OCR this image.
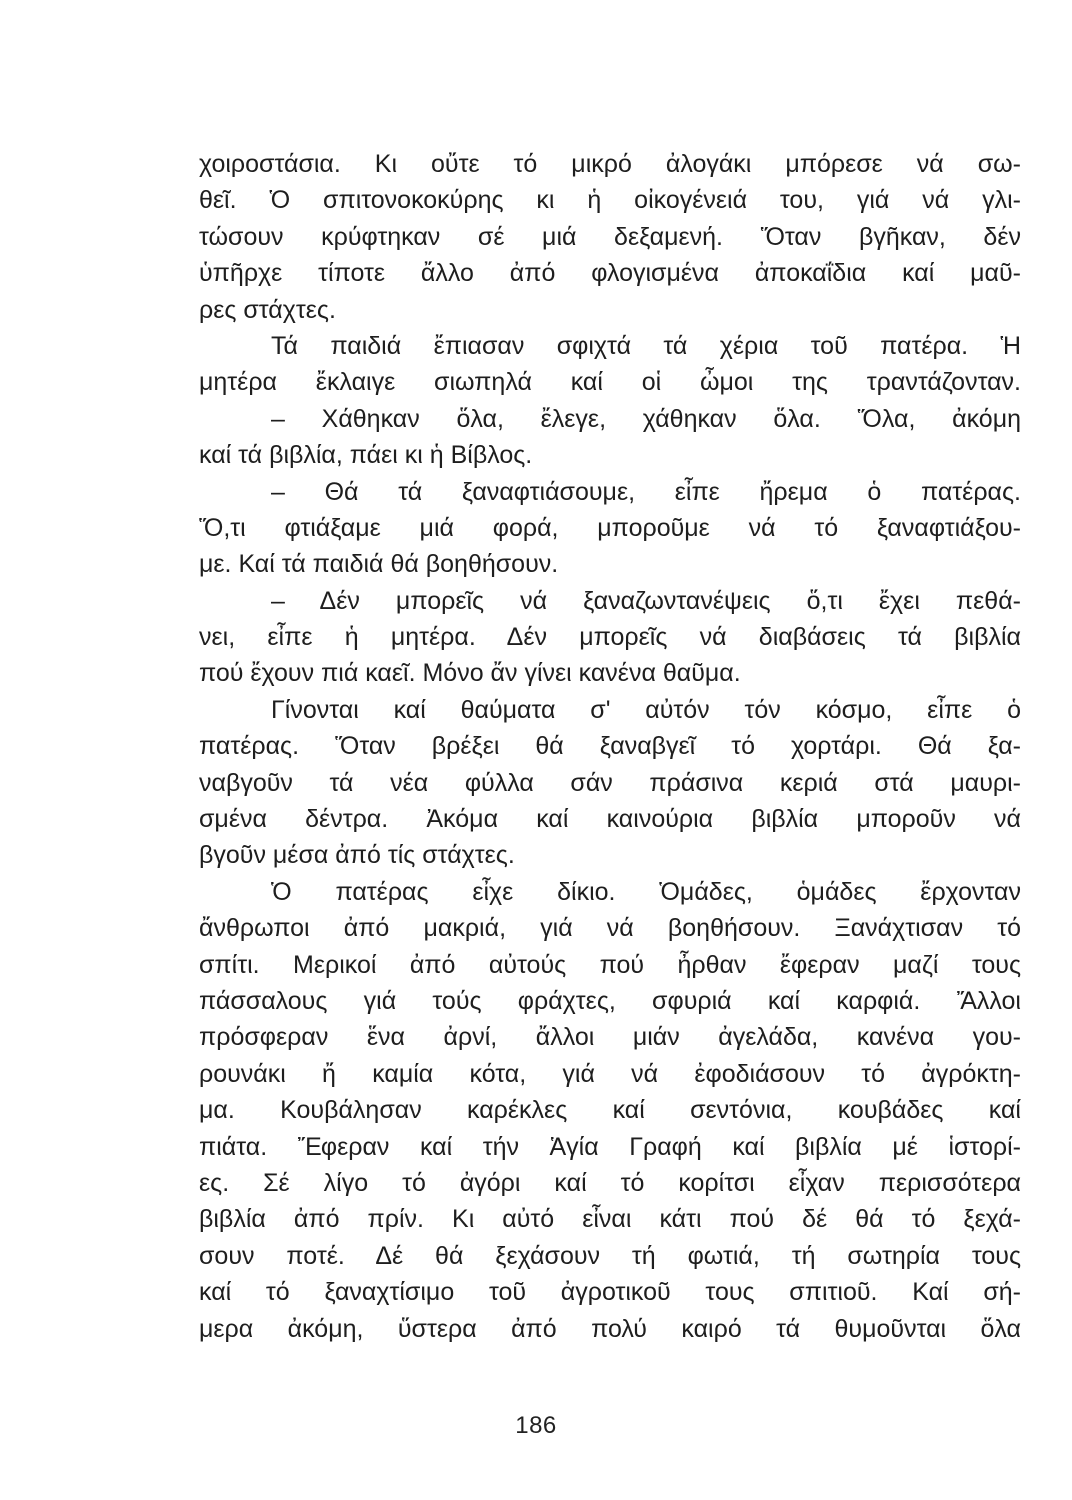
χοιροστάσια. Κι οὔτε τό μικρό ἀλογάκι μπόρεσε νά σω-
θεῖ. Ὁ σπιτονοκοκύρης κι ἡ οἰκογένειά του, γιά νά γλι-
τώσουν κρύφτηκαν σέ μιά δεξαμενή. Ὅταν βγῆκαν, δέν
ὑπῆρχε τίποτε ἄλλο ἀπό φλογισμένα ἀποκαΐδια καί μαῦ-
ρες στάχτες.
Τά παιδιά ἔπιασαν σφιχτά τά χέρια τοῦ πατέρα. Ἡ
μητέρα ἔκλαιγε σιωπηλά καί οἱ ὦμοι της τραντάζονταν.
– Χάθηκαν ὅλα, ἔλεγε, χάθηκαν ὅλα. Ὅλα, ἀκόμη
καί τά βιβλία, πάει κι ἡ Βίβλος.
– Θά τά ξαναφτιάσουμε, εἶπε ἤρεμα ὁ πατέρας.
Ὅ,τι φτιάξαμε μιά φορά, μποροῦμε νά τό ξαναφτιάξου-
με. Καί τά παιδιά θά βοηθήσουν.
– Δέν μπορεῖς νά ξαναζωντανέψεις ὅ,τι ἔχει πεθά-
νει, εἶπε ἡ μητέρα. Δέν μπορεῖς νά διαβάσεις τά βιβλία
πού ἔχουν πιά καεῖ. Μόνο ἄν γίνει κανένα θαῦμα.
Γίνονται καί θαύματα σ' αὐτόν τόν κόσμο, εἶπε ὁ
πατέρας. Ὅταν βρέξει θά ξαναβγεῖ τό χορτάρι. Θά ξα-
ναβγοῦν τά νέα φύλλα σάν πράσινα κεριά στά μαυρι-
σμένα δέντρα. Ἀκόμα καί καινούρια βιβλία μποροῦν νά
βγοῦν μέσα ἀπό τίς στάχτες.
Ὁ πατέρας εἶχε δίκιο. Ὁμάδες, ὁμάδες ἔρχονταν
ἄνθρωποι ἀπό μακριά, γιά νά βοηθήσουν. Ξανάχτισαν τό
σπίτι. Μερικοί ἀπό αὐτούς πού ἦρθαν ἔφεραν μαζί τους
πάσσαλους γιά τούς φράχτες, σφυριά καί καρφιά. Ἄλλοι
πρόσφεραν ἕνα ἀρνί, ἄλλοι μιάν ἀγελάδα, κανένα γου-
ρουνάκι ἤ καμία κότα, γιά νά ἐφοδιάσουν τό ἀγρόκτη-
μα. Κουβάλησαν καρέκλες καί σεντόνια, κουβάδες καί
πιάτα. Ἔφεραν καί τήν Ἁγία Γραφή καί βιβλία μέ ἱστορί-
ες. Σέ λίγο τό ἀγόρι καί τό κορίτσι εἶχαν περισσότερα
βιβλία ἀπό πρίν. Κι αὐτό εἶναι κάτι πού δέ θά τό ξεχά-
σουν ποτέ. Δέ θά ξεχάσουν τή φωτιά, τή σωτηρία τους
καί τό ξαναχτίσιμο τοῦ ἀγροτικοῦ τους σπιτιοῦ. Καί σή-
μερα ἀκόμη, ὕστερα ἀπό πολύ καιρό τά θυμοῦνται ὅλα
186
